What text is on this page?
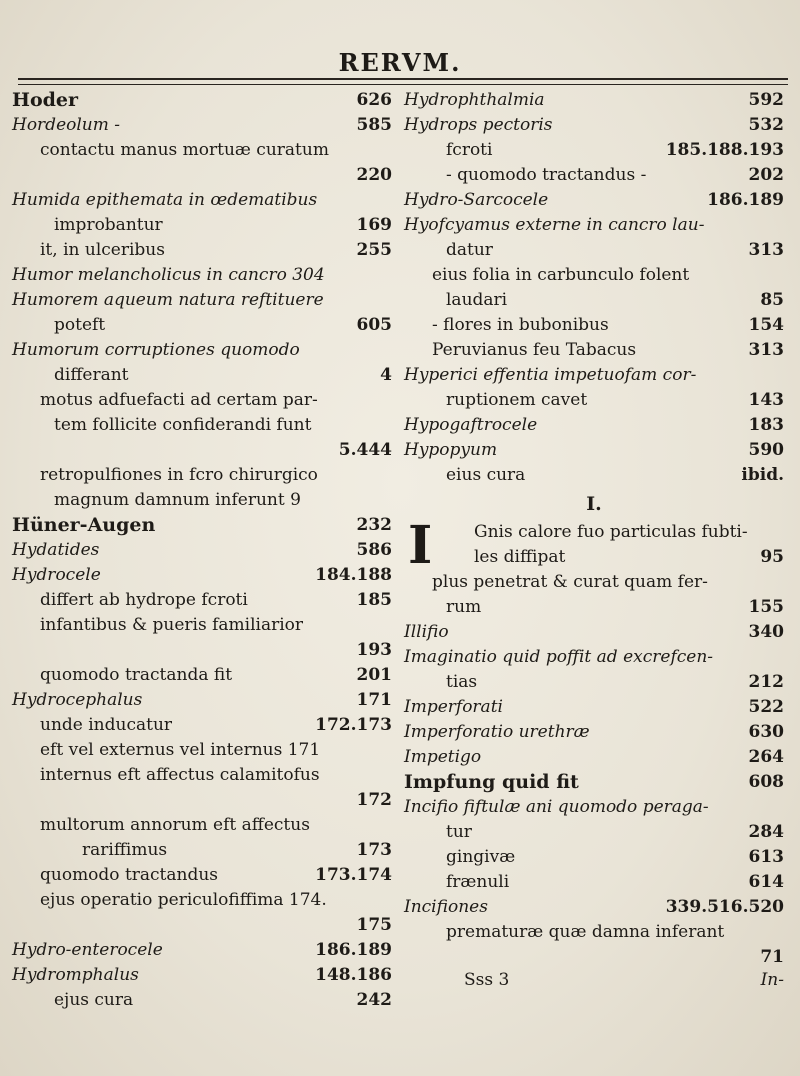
RERVM.
Hoder	626
Hordeolum -	585
contactu manus mortuæ curatum
220
Humida epithemata in œdematibus
improbantur	169
it, in ulceribus	255
Humor melancholicus in cancro 304
Humorem aqueum natura reftituere
poteft	605
Humorum corruptiones quomodo
differant	4
motus adfuefacti ad certam par-
tem follicite confiderandi funt
5.444
retropulfiones in fcro chirurgico
magnum damnum inferunt 9
Hüner-Augen	232
Hydatides	586
Hydrocele	184.188
differt ab hydrope fcroti	185
infantibus & pueris familiarior
193
quomodo tractanda fit	201
Hydrocephalus	171
unde inducatur	172.173
eft vel externus vel internus 171
internus eft affectus calamitofus
172
multorum annorum eft affectus
rariffimus	173
quomodo tractandus	173.174
ejus operatio periculofiffima 174.
175
Hydro-enterocele	186.189
Hydromphalus	148.186
ejus cura	242
Hydrophthalmia	592
Hydrops pectoris	532
fcroti	185.188.193
- quomodo tractandus -	202
Hydro-Sarcocele	186.189
Hyofcyamus externe in cancro lau-
datur	313
eius folia in carbunculo folent
laudari	85
- flores in bubonibus	154
Peruvianus feu Tabacus	313
Hyperici effentia impetuofam cor-
ruptionem cavet	143
Hypogaftrocele	183
Hypopyum	590
eius cura	ibid.
I.
I Gnis calore fuo particulas fubti-
les diffipat	95
plus penetrat & curat quam fer-
rum	155
Illifio	340
Imaginatio quid poffit ad excrefcen-
tias	212
Imperforati	522
Imperforatio urethræ	630
Impetigo	264
Impfung quid fit	608
Incifio fiftulæ ani quomodo peraga-
tur	284
gingivæ	613
frænuli	614
Incifiones	339.516.520
prematuræ quæ damna inferant
71
Sss 3	In-
